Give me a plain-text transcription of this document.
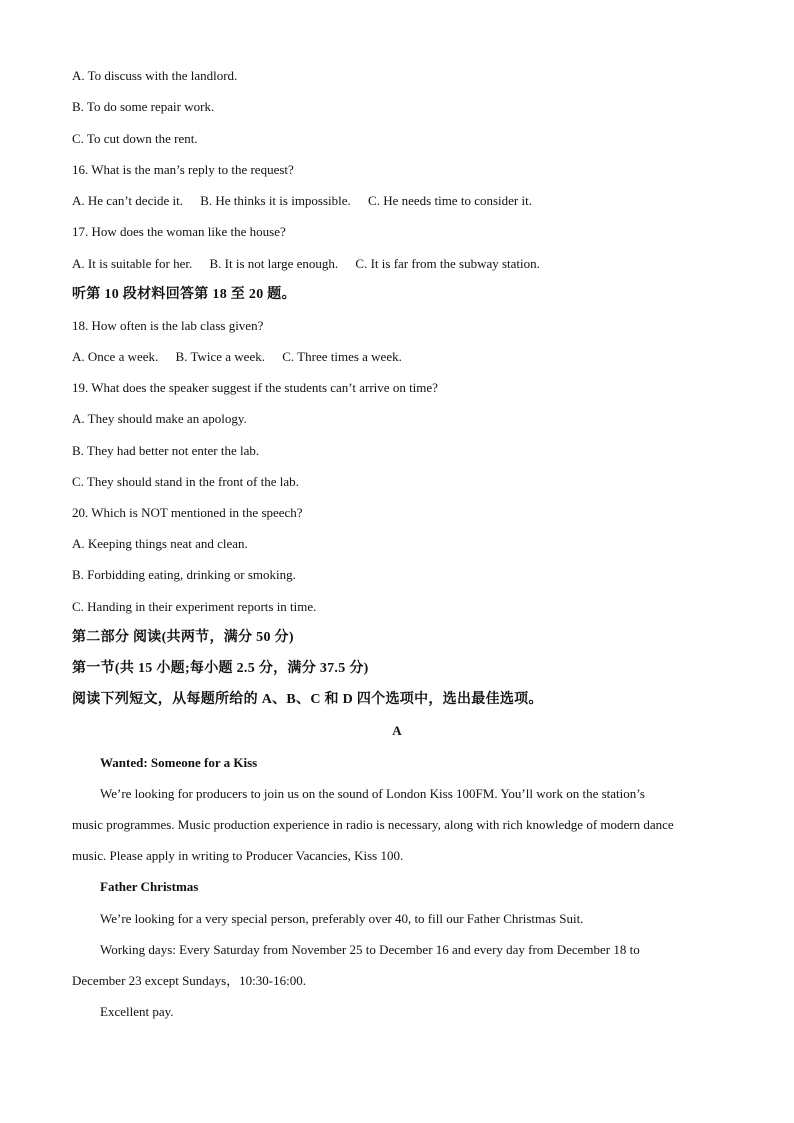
A. To discuss with the landlord.
B. To do some repair work.
C. To cut down the rent.
16. What is the man’s reply to the request?
A. He can’t decide it. B. He thinks it is impossible. C. He needs time to consider it.
17. How does the woman like the house?
A. It is suitable for her. B. It is not large enough. C. It is far from the subway station.
听第 10 段材料回答第 18 至 20 题。
18. How often is the lab class given?
A. Once a week. B. Twice a week. C. Three times a week.
19. What does the speaker suggest if the students can’t arrive on time?
A. They should make an apology.
B. They had better not enter the lab.
C. They should stand in the front of the lab.
20. Which is NOT mentioned in the speech?
A. Keeping things neat and clean.
B. Forbidding eating, drinking or smoking.
C. Handing in their experiment reports in time.
第二部分 阅读(共两节，满分 50 分)
第一节(共 15 小题;每小题 2.5 分，满分 37.5 分)
阅读下列短文，从每题所给的 A、B、C 和 D 四个选项中，选出最佳选项。
A
Wanted: Someone for a Kiss
We’re looking for producers to join us on the sound of London Kiss 100FM. You’ll work on the station’s
music programmes. Music production experience in radio is necessary, along with rich knowledge of modern dance
music. Please apply in writing to Producer Vacancies, Kiss 100.
Father Christmas
We’re looking for a very special person, preferably over 40, to fill our Father Christmas Suit.
Working days: Every Saturday from November 25 to December 16 and every day from December 18 to
December 23 except Sundays，10:30-16:00.
Excellent pay.
